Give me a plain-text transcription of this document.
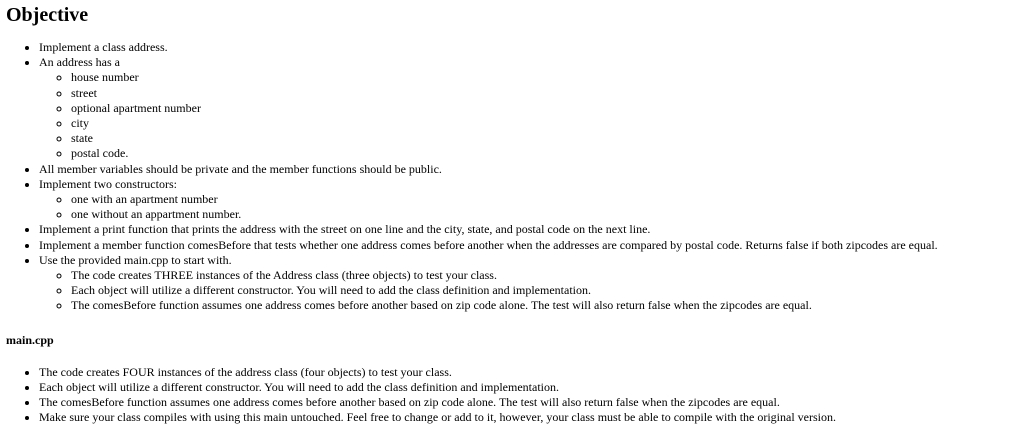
Objective
• Implement a class address.
• An address has a
◦ house number
◦ street
◦ optional apartment number
◦ city
◦ state
◦ postal code.
• All member variables should be private and the member functions should be public.
• Implement two constructors:
◦ one with an apartment number
◦ one without an appartment number.
• Implement a print function that prints the address with the street on one line and the city, state, and postal code on the next line.
• Implement a member function comesBefore that tests whether one address comes before another when the addresses are compared by postal code. Returns false if both zipcodes are equal.
• Use the provided main.cpp to start with.
◦ The code creates THREE instances of the Address class (three objects) to test your class.
◦ Each object will utilize a different constructor. You will need to add the class definition and implementation.
◦ The comesBefore function assumes one address comes before another based on zip code alone. The test will also return false when the zipcodes are equal.
main.cpp
• The code creates FOUR instances of the address class (four objects) to test your class.
• Each object will utilize a different constructor. You will need to add the class definition and implementation.
• The comesBefore function assumes one address comes before another based on zip code alone. The test will also return false when the zipcodes are equal.
• Make sure your class compiles with using this main untouched. Feel free to change or add to it, however, your class must be able to compile with the original version.
